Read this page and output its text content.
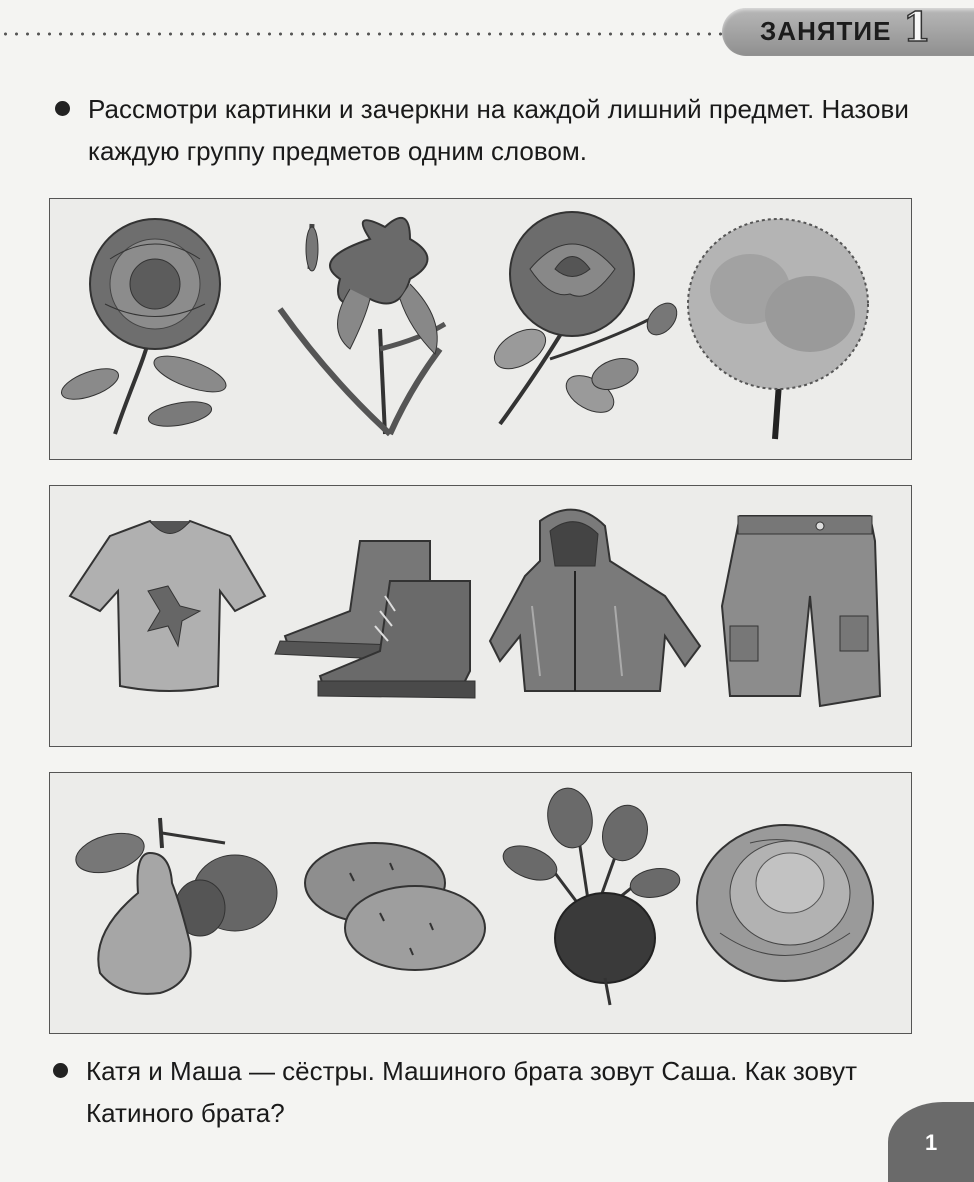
ЗАНЯТИЕ 1
Рассмотри картинки и зачеркни на каждой лишний предмет. Назови каждую группу предметов одним словом.
Катя и Маша — сёстры. Машиного брата зовут Саша. Как зовут Катиного брата?
1
